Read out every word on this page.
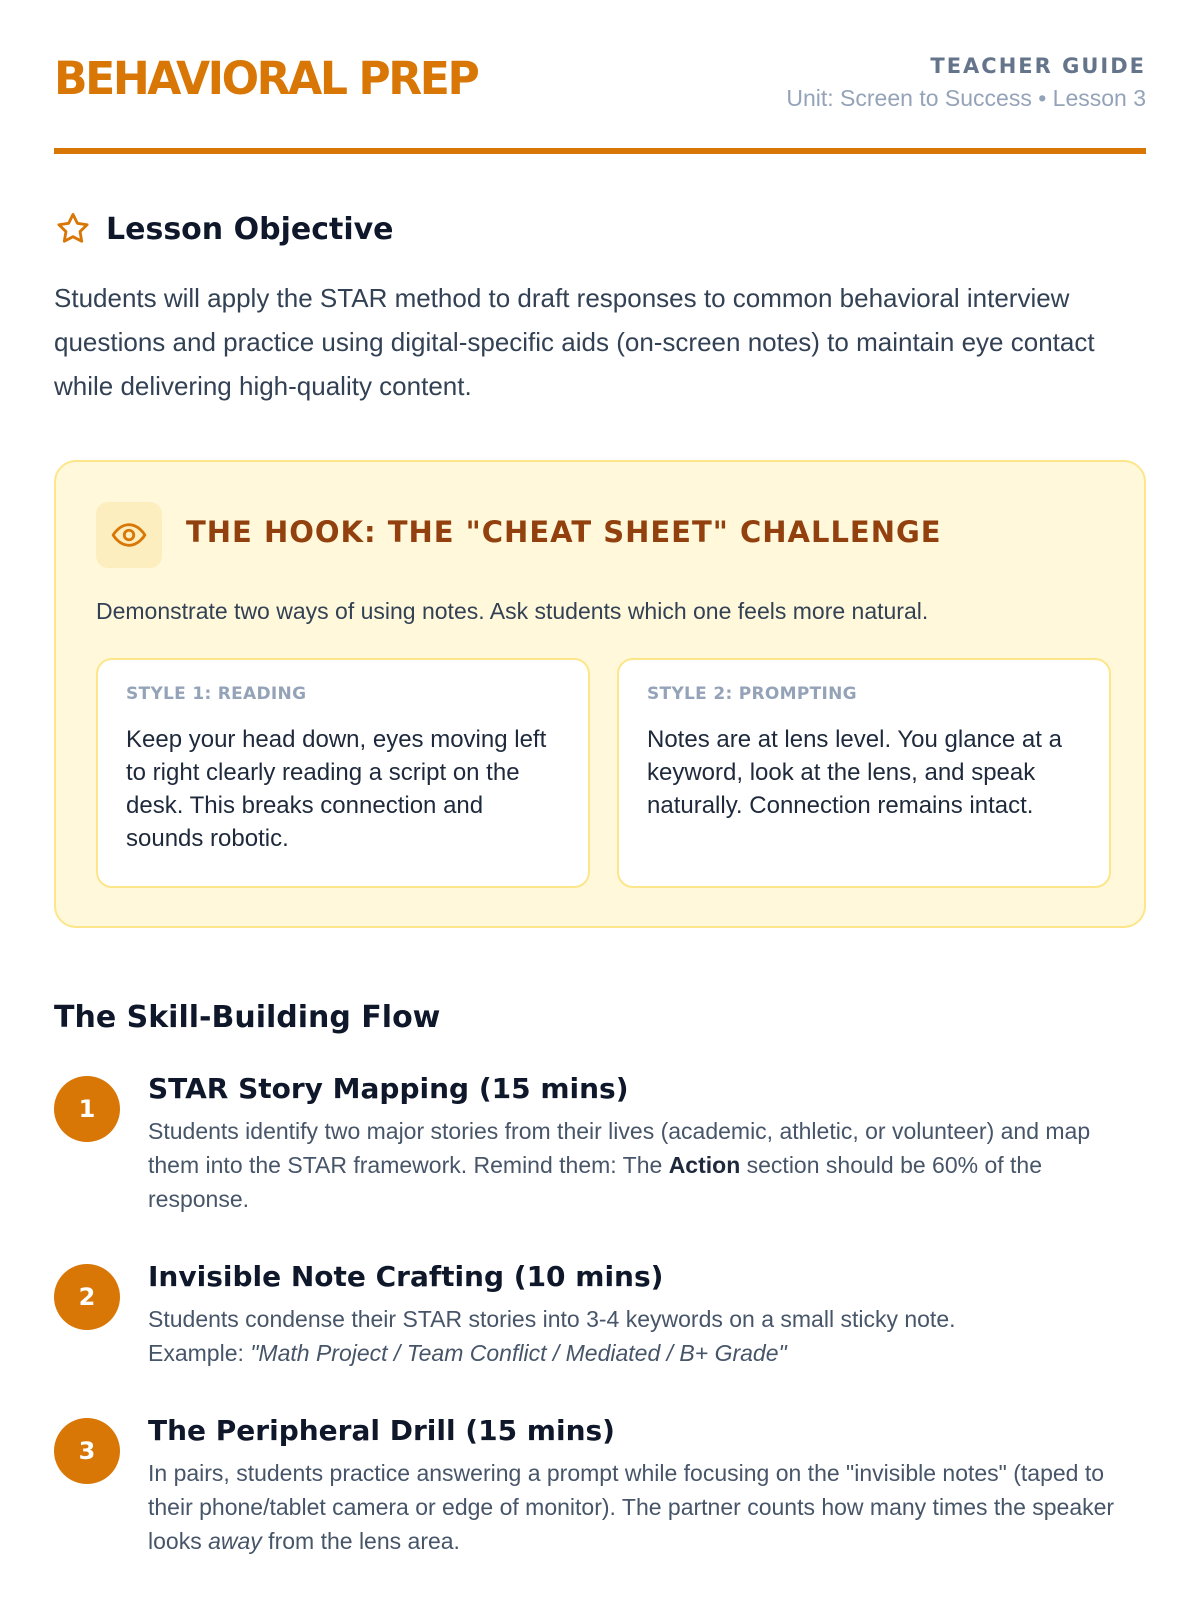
BEHAVIORAL PREP	TEACHER GUIDE
Unit: Screen to Success • Lesson 3
Lesson Objective
Students will apply the STAR method to draft responses to common behavioral interview questions and practice using digital-specific aids (on-screen notes) to maintain eye contact while delivering high-quality content.
THE HOOK: THE "CHEAT SHEET" CHALLENGE
Demonstrate two ways of using notes. Ask students which one feels more natural.
STYLE 1: READING
Keep your head down, eyes moving left to right clearly reading a script on the desk. This breaks connection and sounds robotic.
STYLE 2: PROMPTING
Notes are at lens level. You glance at a keyword, look at the lens, and speak naturally. Connection remains intact.
The Skill-Building Flow
1
STAR Story Mapping (15 mins)
Students identify two major stories from their lives (academic, athletic, or volunteer) and map them into the STAR framework. Remind them: The Action section should be 60% of the response.
2
Invisible Note Crafting (10 mins)
Students condense their STAR stories into 3-4 keywords on a small sticky note.
Example: "Math Project / Team Conflict / Mediated / B+ Grade"
3
The Peripheral Drill (15 mins)
In pairs, students practice answering a prompt while focusing on the "invisible notes" (taped to their phone/tablet camera or edge of monitor). The partner counts how many times the speaker looks away from the lens area.
